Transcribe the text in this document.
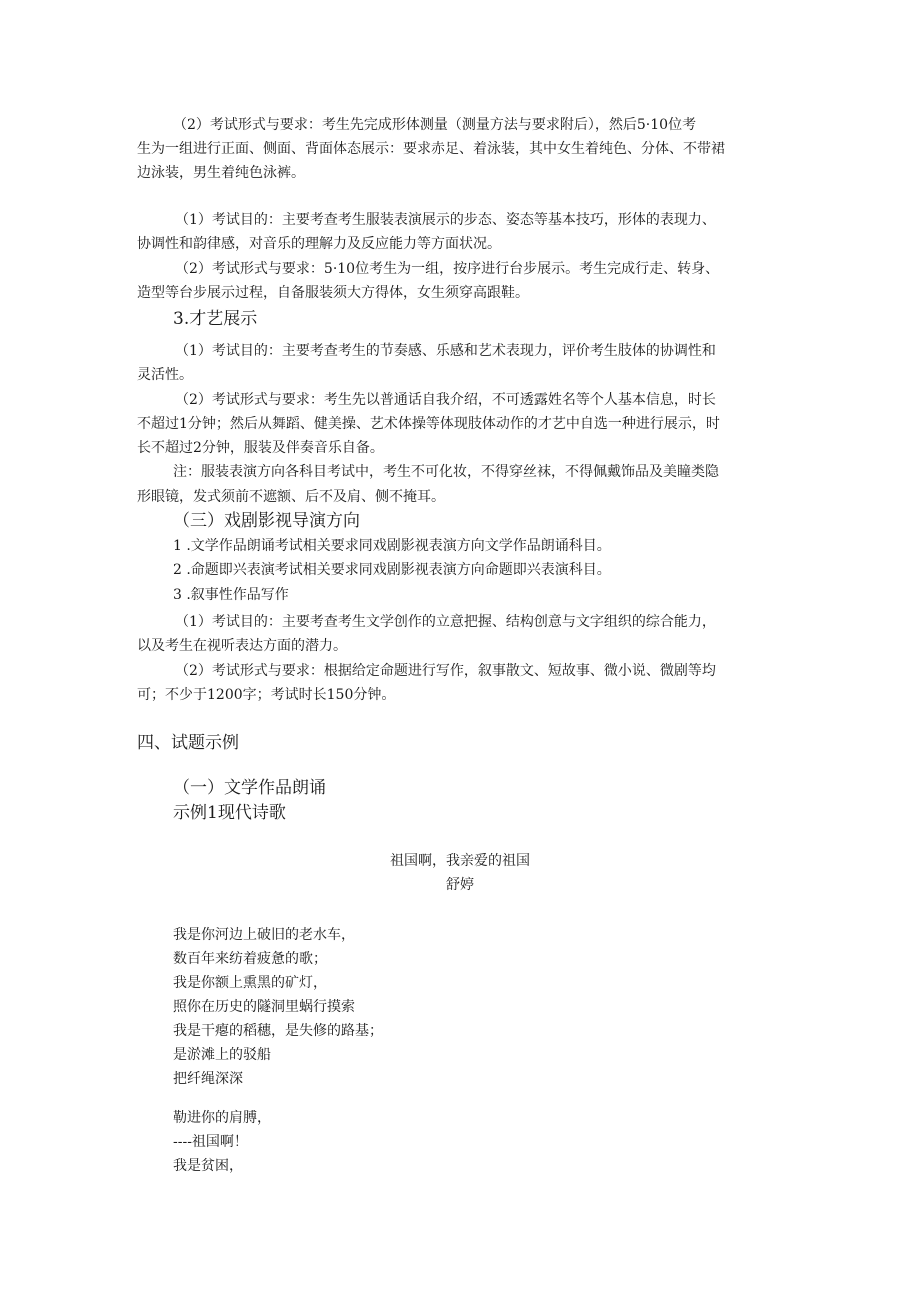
（2）考试形式与要求：考生先完成形体测量（测量方法与要求附后），然后5·10位考
生为一组进行正面、侧面、背面体态展示：要求赤足、着泳装，其中女生着纯色、分体、不带裙
边泳装，男生着纯色泳裤。
（1）考试目的：主要考查考生服装表演展示的步态、姿态等基本技巧，形体的表现力、
协调性和韵律感，对音乐的理解力及反应能力等方面状况。
（2）考试形式与要求：5·10位考生为一组，按序进行台步展示。考生完成行走、转身、
造型等台步展示过程，自备服装须大方得体，女生须穿高跟鞋。
3.才艺展示
（1）考试目的：主要考查考生的节奏感、乐感和艺术表现力，评价考生肢体的协调性和
灵活性。
（2）考试形式与要求：考生先以普通话自我介绍，不可透露姓名等个人基本信息，时长
不超过1分钟；然后从舞蹈、健美操、艺术体操等体现肢体动作的才艺中自选一种进行展示，时
长不超过2分钟，服装及伴奏音乐自备。
注：服装表演方向各科目考试中，考生不可化妆，不得穿丝袜，不得佩戴饰品及美瞳类隐
形眼镜，发式须前不遮额、后不及肩、侧不掩耳。
（三）戏剧影视导演方向
1 .文学作品朗诵考试相关要求同戏剧影视表演方向文学作品朗诵科目。
2 .命题即兴表演考试相关要求同戏剧影视表演方向命题即兴表演科目。
3 .叙事性作品写作
（1）考试目的：主要考查考生文学创作的立意把握、结构创意与文字组织的综合能力，
以及考生在视听表达方面的潜力。
（2）考试形式与要求：根据给定命题进行写作，叙事散文、短故事、微小说、微剧等均
可；不少于1200字；考试时长150分钟。
四、试题示例
（一）文学作品朗诵
示例1现代诗歌
祖国啊，我亲爱的祖国
舒婷
我是你河边上破旧的老水车，
数百年来纺着疲惫的歌；
我是你额上熏黑的矿灯，
照你在历史的隧洞里蜗行摸索
我是干瘪的稻穗，是失修的路基；
是淤滩上的驳船
把纤绳深深
勒进你的肩膊，
----祖国啊！
我是贫困，
